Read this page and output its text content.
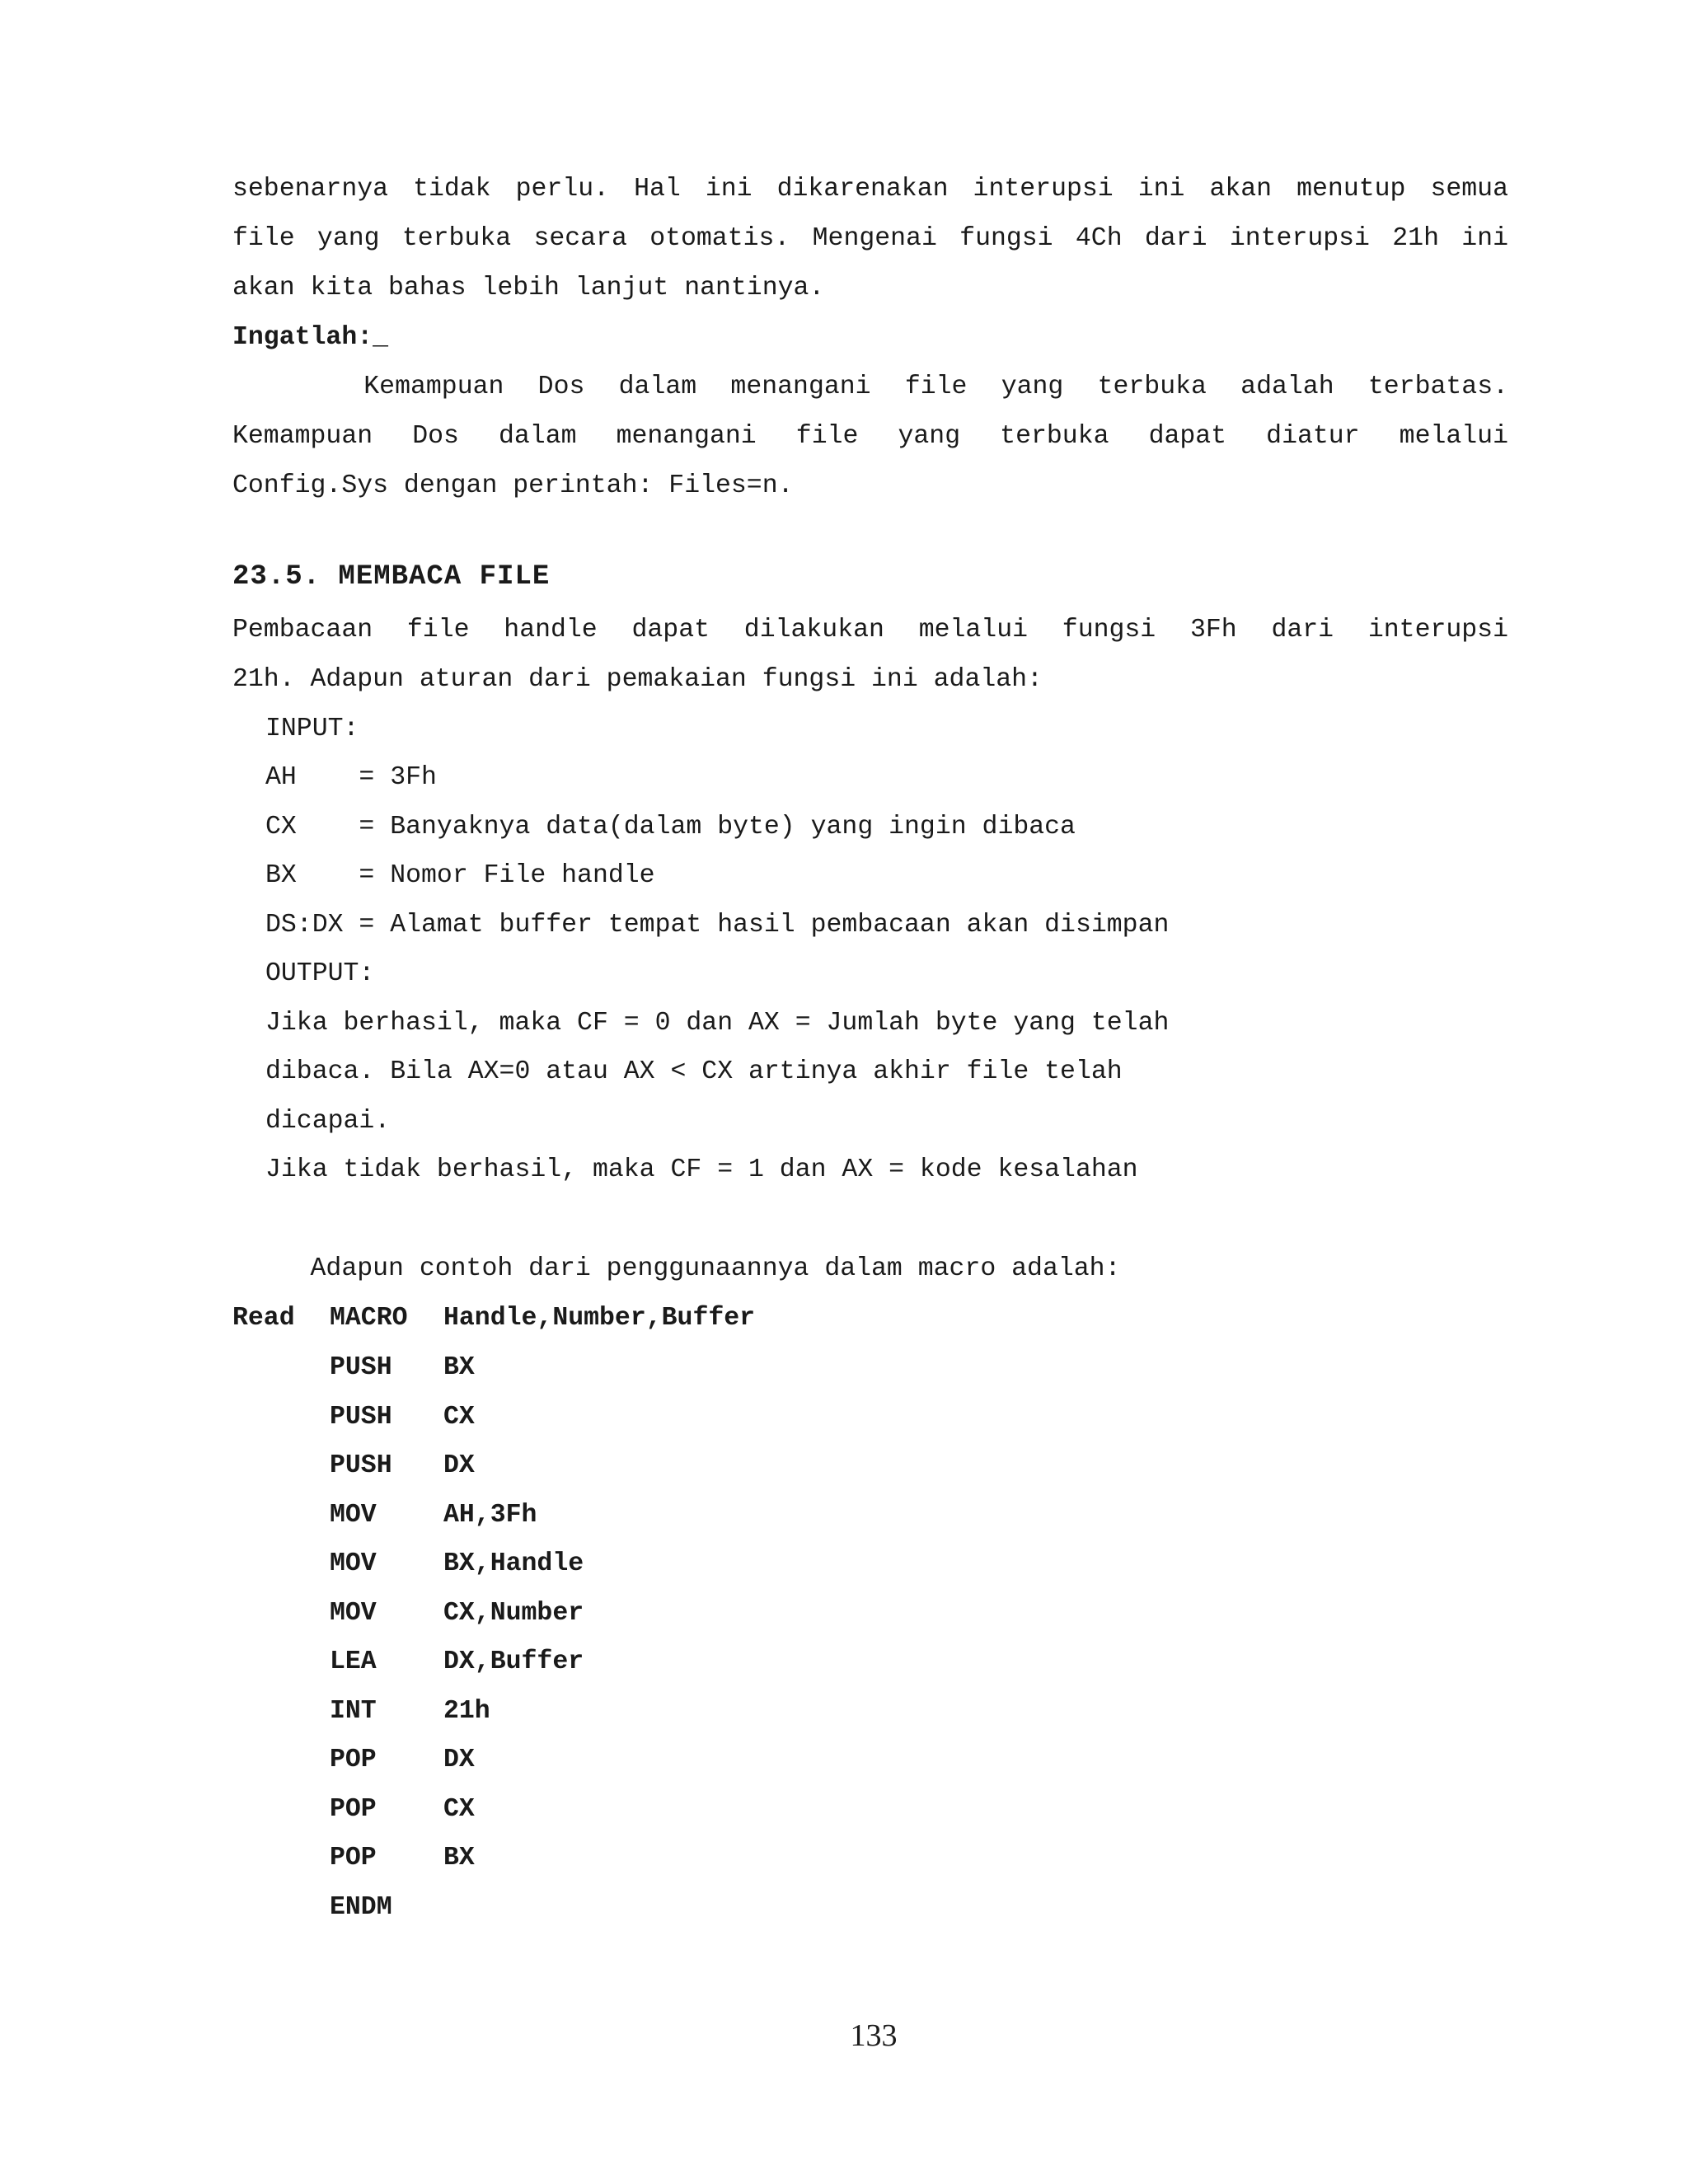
sebenarnya tidak perlu. Hal ini dikarenakan interupsi ini akan menutup semua
file yang terbuka secara otomatis. Mengenai fungsi 4Ch dari interupsi 21h ini
akan kita bahas lebih lanjut nantinya.
Ingatlah:_
Kemampuan Dos dalam menangani file yang terbuka adalah terbatas.
Kemampuan Dos dalam menangani file yang terbuka dapat diatur melalui
Config.Sys dengan perintah: Files=n.
23.5. MEMBACA FILE
Pembacaan file handle dapat dilakukan melalui fungsi 3Fh dari interupsi
21h. Adapun aturan dari pemakaian fungsi ini adalah:
INPUT:
AH    = 3Fh
CX    = Banyaknya data(dalam byte) yang ingin dibaca
BX    = Nomor File handle
DS:DX = Alamat buffer tempat hasil pembacaan akan disimpan
OUTPUT:
Jika berhasil, maka CF = 0 dan AX = Jumlah byte yang telah
dibaca. Bila AX=0 atau AX < CX artinya akhir file telah
dicapai.
Jika tidak berhasil, maka CF = 1 dan AX = kode kesalahan
Adapun contoh dari penggunaannya dalam macro adalah:
Read MACRO Handle,Number,Buffer
PUSH BX
PUSH CX
PUSH DX
MOV	AH,3Fh
MOV	BX,Handle
MOV	CX,Number
LEA	DX,Buffer
INT	21h
POP	DX
POP	CX
POP	BX
ENDM
133
